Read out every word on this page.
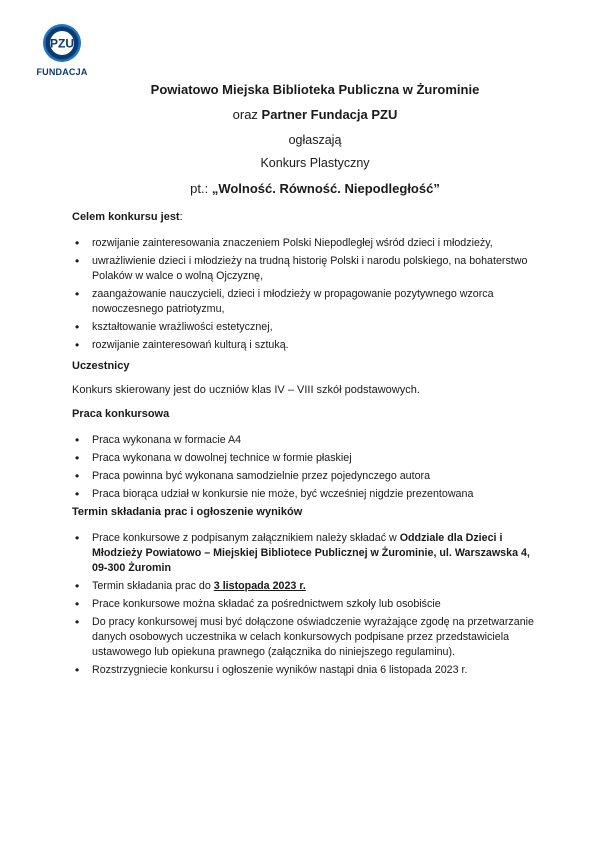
PZU
FUNDACJA
Powiatowo Miejska Biblioteka Publiczna w Żurominie
oraz Partner Fundacja PZU
ogłaszają
Konkurs Plastyczny
pt.: „Wolność. Równość. Niepodległość”
Celem konkursu jest:
• rozwijanie zainteresowania znaczeniem Polski Niepodległej wśród dzieci i młodzieży,
• uwrażliwienie dzieci i młodzieży na trudną historię Polski i narodu polskiego, na bohaterstwo Polaków w walce o wolną Ojczyznę,
• zaangażowanie nauczycieli, dzieci i młodzieży w propagowanie pozytywnego wzorca nowoczesnego patriotyzmu,
• kształtowanie wrażliwości estetycznej,
• rozwijanie zainteresowań kulturą i sztuką.
Uczestnicy
Konkurs skierowany jest do uczniów klas IV – VIII szkół podstawowych.
Praca konkursowa
• Praca wykonana w formacie A4
• Praca wykonana w dowolnej technice w formie płaskiej
• Praca powinna być wykonana samodzielnie przez pojedynczego autora
• Praca biorąca udział w konkursie nie może, być wcześniej nigdzie prezentowana
Termin składania prac i ogłoszenie wyników
• Prace konkursowe z podpisanym załącznikiem należy składać w Oddziale dla Dzieci i Młodzieży Powiatowo – Miejskiej Bibliotece Publicznej w Żurominie, ul. Warszawska 4, 09-300 Żuromin
• Termin składania prac do 3 listopada 2023 r.
• Prace konkursowe można składać za pośrednictwem szkoły lub osobiście
• Do pracy konkursowej musi być dołączone oświadczenie wyrażające zgodę na przetwarzanie danych osobowych uczestnika w celach konkursowych podpisane przez przedstawiciela ustawowego lub opiekuna prawnego (załącznika do niniejszego regulaminu).
• Rozstrzygniecie konkursu i ogłoszenie wyników nastąpi dnia 6 listopada 2023 r.
